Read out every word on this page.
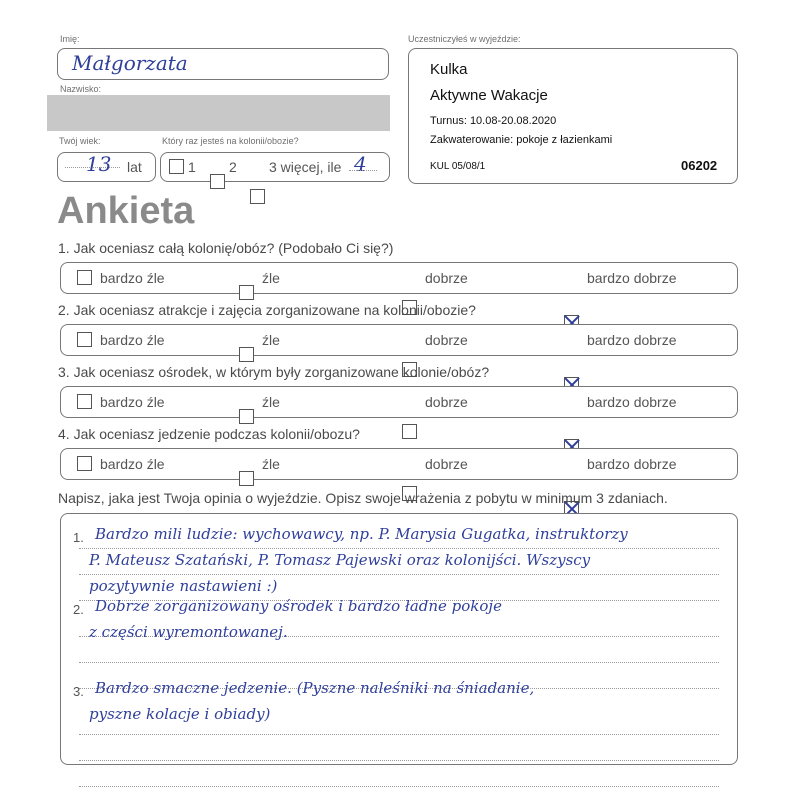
Imię:
Małgorzata
Nazwisko:
Twój wiek:
13 lat
Który raz jesteś na kolonii/obozie?
1 2 3 więcej, ile 4
Uczestniczyłeś w wyjeździe:
Kulka
Aktywne Wakacje
Turnus: 10.08-20.08.2020
Zakwaterowanie: pokoje z łazienkami
KUL 05/08/1	06202
Ankieta
1. Jak oceniasz całą kolonię/obóz? (Podobało Ci się?)
bardzo źle	źle	dobrze	bardzo dobrze
2. Jak oceniasz atrakcje i zajęcia zorganizowane na kolonii/obozie?
bardzo źle	źle	dobrze	bardzo dobrze
3. Jak oceniasz ośrodek, w którym były zorganizowane kolonie/obóz?
bardzo źle	źle	dobrze	bardzo dobrze
4. Jak oceniasz jedzenie podczas kolonii/obozu?
bardzo źle	źle	dobrze	bardzo dobrze
Napisz, jaka jest Twoja opinia o wyjeździe. Opisz swoje wrażenia z pobytu w minimum 3 zdaniach.
1. Bardzo mili ludzie: wychowawcy, np. P. Marysia Gugatka, instruktorzy
P. Mateusz Szatański, P. Tomasz Pajewski oraz kolonijści. Wszyscy
pozytywnie nastawieni :)
2. Dobrze zorganizowany ośrodek i bardzo ładne pokoje
z części wyremontowanej.
3. Bardzo smaczne jedzenie. (Pyszne naleśniki na śniadanie,
pyszne kolacje i obiady)
